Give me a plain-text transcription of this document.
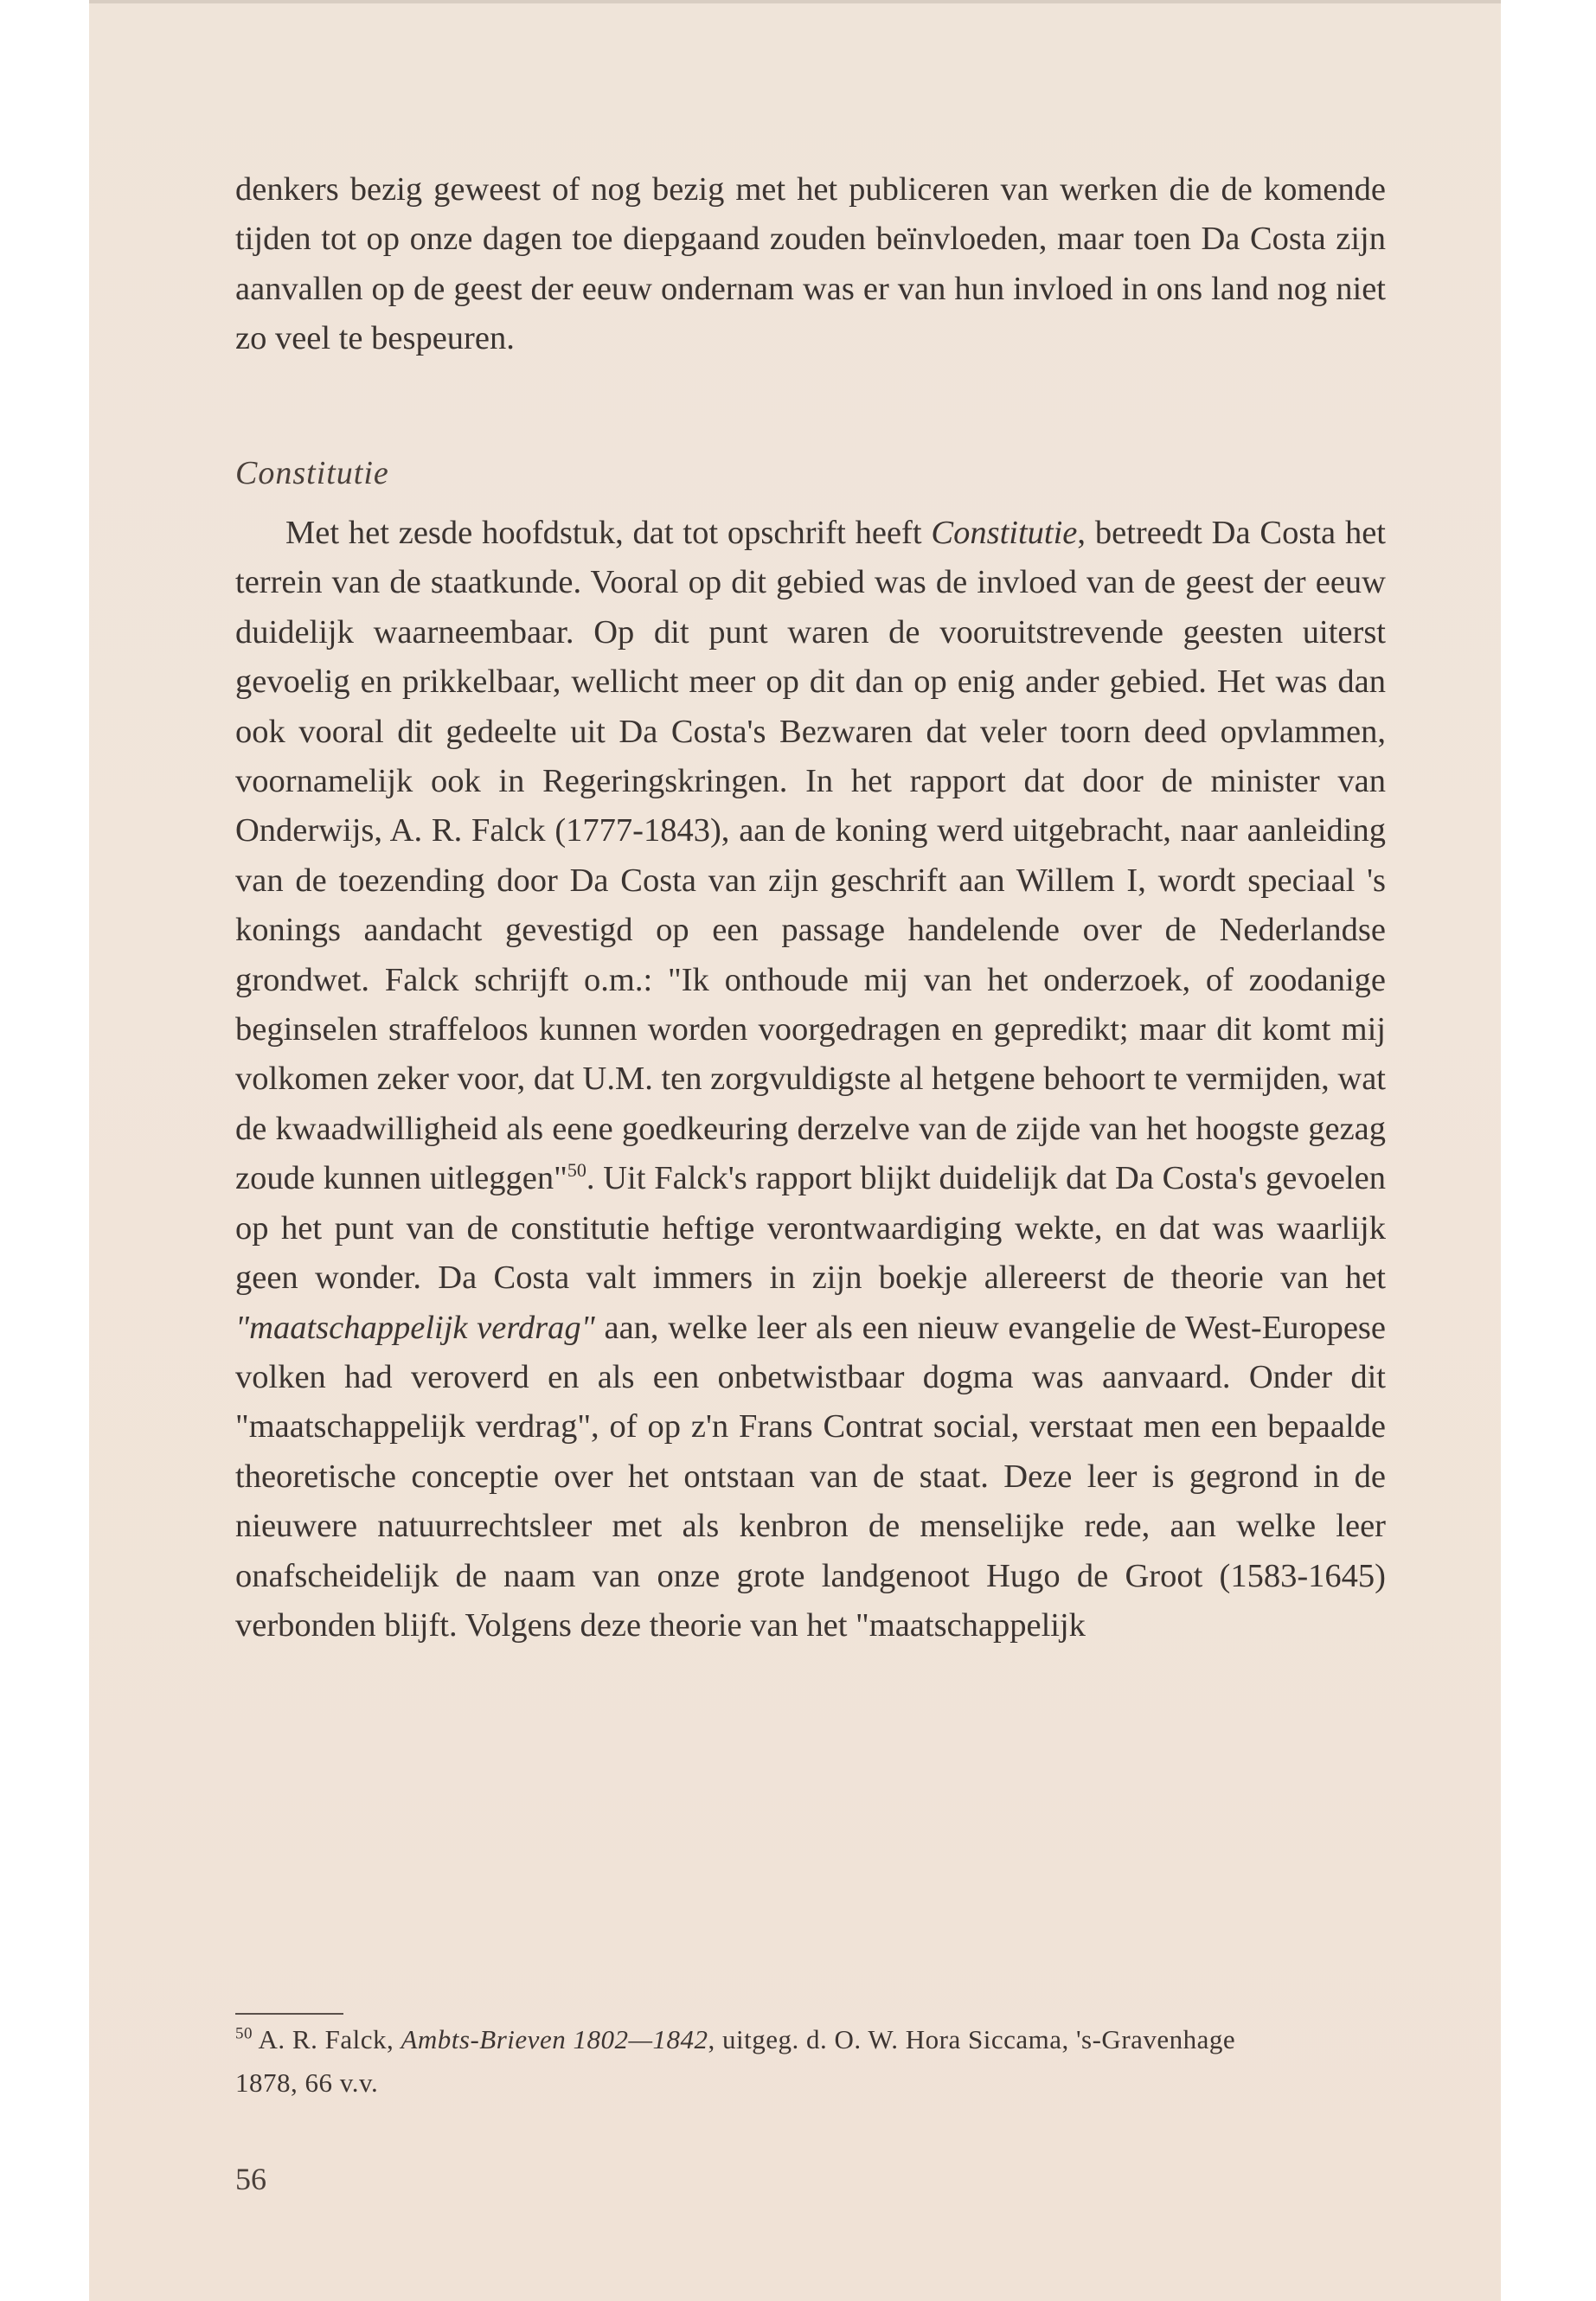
denkers bezig geweest of nog bezig met het publiceren van werken die de komende tijden tot op onze dagen toe diepgaand zouden beïnvloeden, maar toen Da Costa zijn aanvallen op de geest der eeuw ondernam was er van hun invloed in ons land nog niet zo veel te bespeuren.

Constitutie

Met het zesde hoofdstuk, dat tot opschrift heeft Constitutie, betreedt Da Costa het terrein van de staatkunde. Vooral op dit gebied was de invloed van de geest der eeuw duidelijk waarneembaar. Op dit punt waren de vooruitstrevende geesten uiterst gevoelig en prikkelbaar, wellicht meer op dit dan op enig ander gebied. Het was dan ook vooral dit gedeelte uit Da Costa's Bezwaren dat veler toorn deed opvlammen, voornamelijk ook in Regeringskringen. In het rapport dat door de minister van Onderwijs, A. R. Falck (1777-1843), aan de koning werd uitgebracht, naar aanleiding van de toezending door Da Costa van zijn geschrift aan Willem I, wordt speciaal 's konings aandacht gevestigd op een passage handelende over de Nederlandse grondwet. Falck schrijft o.m.: "Ik onthoude mij van het onderzoek, of zoodanige beginselen straffeloos kunnen worden voorgedragen en gepredikt; maar dit komt mij volkomen zeker voor, dat U.M. ten zorgvuldigste al hetgene behoort te vermijden, wat de kwaadwilligheid als eene goedkeuring derzelve van de zijde van het hoogste gezag zoude kunnen uitleggen"$^{50}$. Uit Falck's rapport blijkt duidelijk dat Da Costa's gevoelen op het punt van de constitutie heftige verontwaardiging wekte, en dat was waarlijk geen wonder. Da Costa valt immers in zijn boekje allereerst de theorie van het "maatschappelijk verdrag" aan, welke leer als een nieuw evangelie de West-Europese volken had veroverd en als een onbetwistbaar dogma was aanvaard. Onder dit "maatschappelijk verdrag", of op z'n Frans Contrat social, verstaat men een bepaalde theoretische conceptie over het ontstaan van de staat. Deze leer is gegrond in de nieuwere natuurrechtsleer met als kenbron de menselijke rede, aan welke leer onafscheidelijk de naam van onze grote landgenoot Hugo de Groot (1583-1645) verbonden blijft. Volgens deze theorie van het "maatschappelijk

$^{50}$ A. R. Falck, Ambts-Brieven 1802—1842, uitgeg. d. O. W. Hora Siccama, 's-Gravenhage 1878, 66 v.v.
56
